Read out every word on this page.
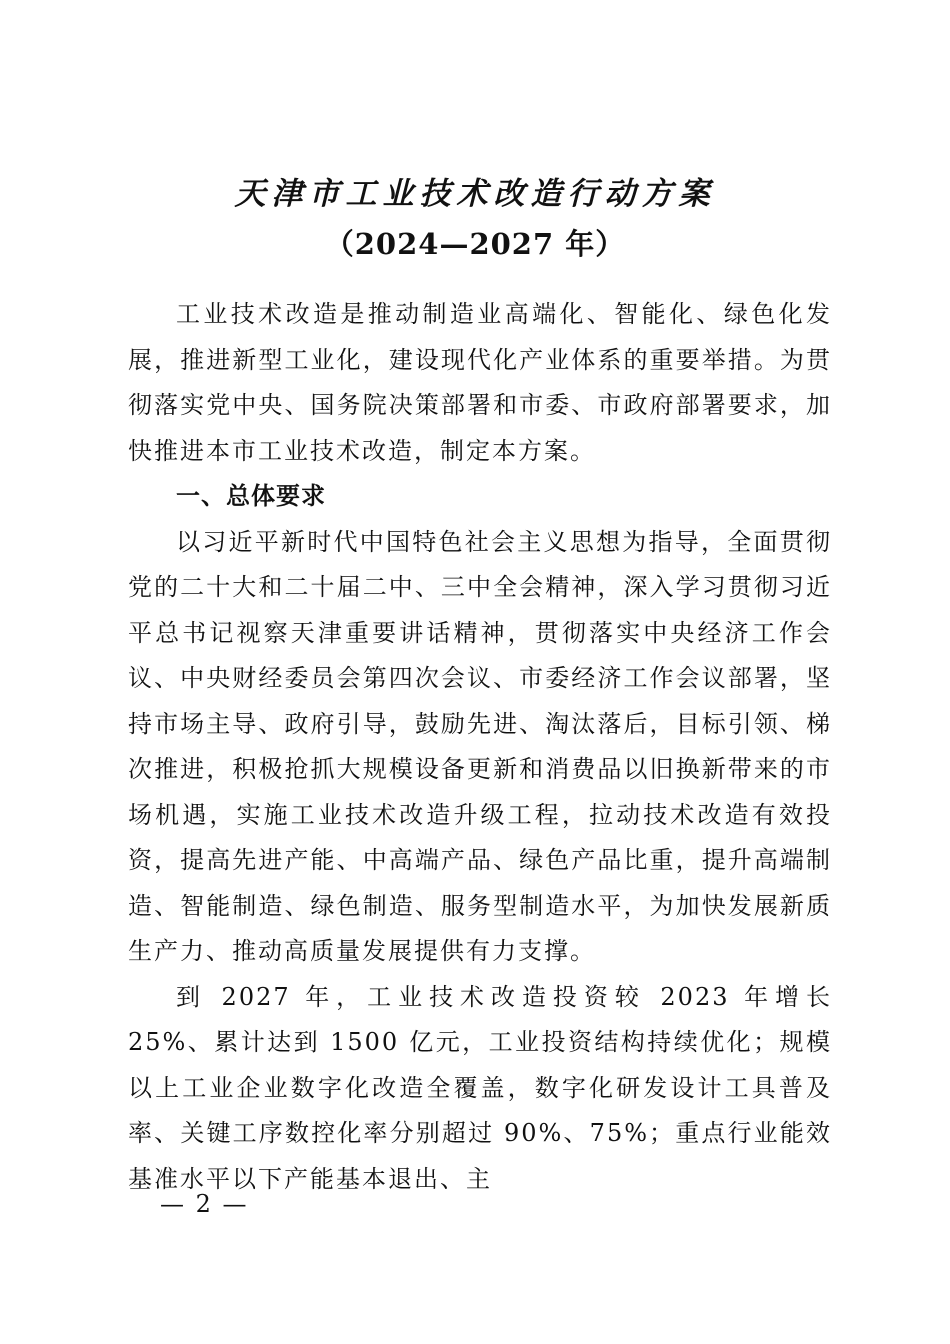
天津市工业技术改造行动方案
（2024—2027 年）

工业技术改造是推动制造业高端化、智能化、绿色化发展，推进新型工业化，建设现代化产业体系的重要举措。为贯彻落实党中央、国务院决策部署和市委、市政府部署要求，加快推进本市工业技术改造，制定本方案。

一、总体要求

以习近平新时代中国特色社会主义思想为指导，全面贯彻党的二十大和二十届二中、三中全会精神，深入学习贯彻习近平总书记视察天津重要讲话精神，贯彻落实中央经济工作会议、中央财经委员会第四次会议、市委经济工作会议部署，坚持市场主导、政府引导，鼓励先进、淘汰落后，目标引领、梯次推进，积极抢抓大规模设备更新和消费品以旧换新带来的市场机遇，实施工业技术改造升级工程，拉动技术改造有效投资，提高先进产能、中高端产品、绿色产品比重，提升高端制造、智能制造、绿色制造、服务型制造水平，为加快发展新质生产力、推动高质量发展提供有力支撑。

到 2027 年，工业技术改造投资较 2023 年增长 25%、累计达到 1500 亿元，工业投资结构持续优化；规模以上工业企业数字化改造全覆盖，数字化研发设计工具普及率、关键工序数控化率分别超过 90%、75%；重点行业能效基准水平以下产能基本退出、主

— 2 —
